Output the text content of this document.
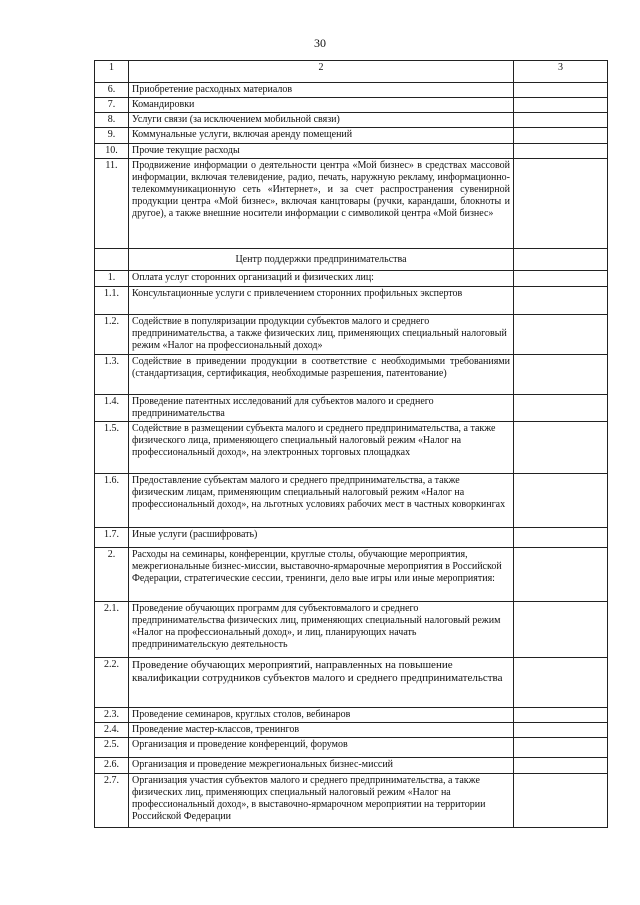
30
1	2	3
6.	Приобретение расходных материалов	
7.	Командировки	
8.	Услуги связи (за исключением мобильной связи)	
9.	Коммунальные услуги, включая аренду помещений	
10.	Прочие текущие расходы	
11.	Продвижение информации о деятельности центра «Мой бизнес» в средствах массовой информации, включая телевидение, радио, печать, наружную рекламу, информационно-телекоммуникационную сеть «Интернет», и за счет распространения сувенирной продукции центра «Мой бизнес», включая канцтовары (ручки, карандаши, блокноты и другое), а также внешние носители информации с символикой центра «Мой бизнес»	
	Центр поддержки предпринимательства	
1.	Оплата услуг сторонних организаций и физических лиц:	
1.1.	Консультационные услуги с привлечением сторонних профильных экспертов	
1.2.	Содействие в популяризации продукции субъектов малого и среднего предпринимательства, а также физических лиц, применяющих специальный налоговый режим «Налог на профессиональный доход»	
1.3.	Содействие в приведении продукции в соответствие с необходимыми требованиями (стандартизация, сертификация, необходимые разрешения, патентование)	
1.4.	Проведение патентных исследований для субъектов малого и среднего предпринимательства	
1.5.	Содействие в размещении субъекта малого и среднего предпринимательства, а также физического лица, применяющего специальный налоговый режим «Налог на профессиональный доход», на электронных торговых площадках	
1.6.	Предоставление субъектам малого и среднего предпринимательства, а также физическим лицам, применяющим специальный налоговый режим «Налог на профессиональный доход», на льготных условиях рабочих мест в частных коворкингах	
1.7.	Иные услуги (расшифровать)	
2.	Расходы на семинары, конференции, круглые столы, обучающие мероприятия, межрегиональные бизнес-миссии, выставочно-ярмарочные мероприятия в Российской Федерации, стратегические сессии, тренинги, дело вые игры или иные мероприятия:	
2.1.	Проведение обучающих программ для субъектовмалого и среднего предпринимательства физических лиц, применяющих специальный налоговый режим «Налог на профессиональный доход», и лиц, планирующих начать предпринимательскую деятельность	
2.2.	Проведение обучающих мероприятий, направленных на повышение квалификации сотрудников субъектов малого и среднего предпринимательства	
2.3.	Проведение семинаров, круглых столов, вебинаров	
2.4.	Проведение мастер-классов, тренингов	
2.5.	Организация и проведение конференций, форумов	
2.6.	Организация и проведение межрегиональных бизнес-миссий	
2.7.	Организация участия субъектов малого и среднего предпринимательства, а также физических лиц, применяющих специальный налоговый режим «Налог на профессиональный доход», в выставочно-ярмарочном мероприятии на территории Российской Федерации	
